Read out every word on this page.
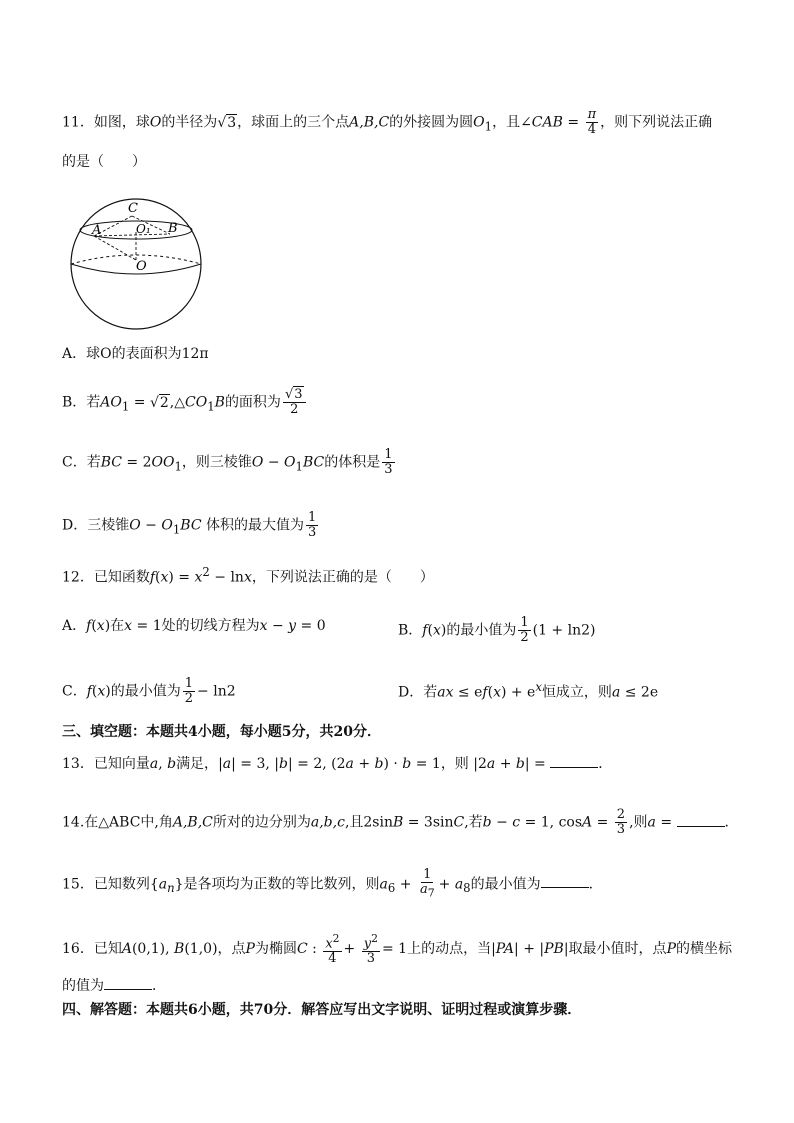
11．如图，球O的半径为√3，球面上的三个点A,B,C的外接圆为圆$O_1$，且∠CAB = $\frac{\pi}{4}$ ，则下列说法正确
的是（　　）
C
A	O₁ B
O
A．球O的表面积为12π
B．若$AO_1$ = $√2,\triangle CO_1B$的面积为 $\frac{√3}{2}$
C．若BC = $2OO_1$，则三棱锥$O - O_1BC$的体积是 $\frac{1}{3}$
D．三棱锥$O - O_1BC$ 体积的最大值为 $\frac{1}{3}$
12．已知函数$f(x) = x^2 - \ln x$，下列说法正确的是（　　）
A．f(x)在x = 1处的切线方程为x − y = 0	B．f(x)的最小值为 $\frac{1}{2} (1 + \ln 2)$
C．f(x)的最小值为 $\frac{1}{2} - \ln 2$	D．若ax ≤ $ef(x) + e^x$恒成立，则a ≤ 2e
三、填空题：本题共4小题，每小题5分，共20分．
13．已知向量a, b满足，|a| = 3, |b| = 2, (2a + b) · b = 1，则 |2a + b| =	．
14.在△ABC中,角A,B,C所对的边分别为a,b,c,且2sinB = 3sinC,若b − c = 1, $\cos A = \frac{2}{3}$ ,则a =	.
15．已知数列$\{a_n\}$是各项均为正数的等比数列，则$a_6 + \frac{1}{a_7} + a_8$的最小值为	．
16．已知A(0,1), B(1,0)，点P为椭圆C : $\frac{x^2}{4} + \frac{y^2}{3} = 1$上的动点，当|PA| + |PB|取最小值时，点P的横坐标
的值为	．
四、解答题：本题共6小题，共70分．解答应写出文字说明、证明过程或演算步骤．
